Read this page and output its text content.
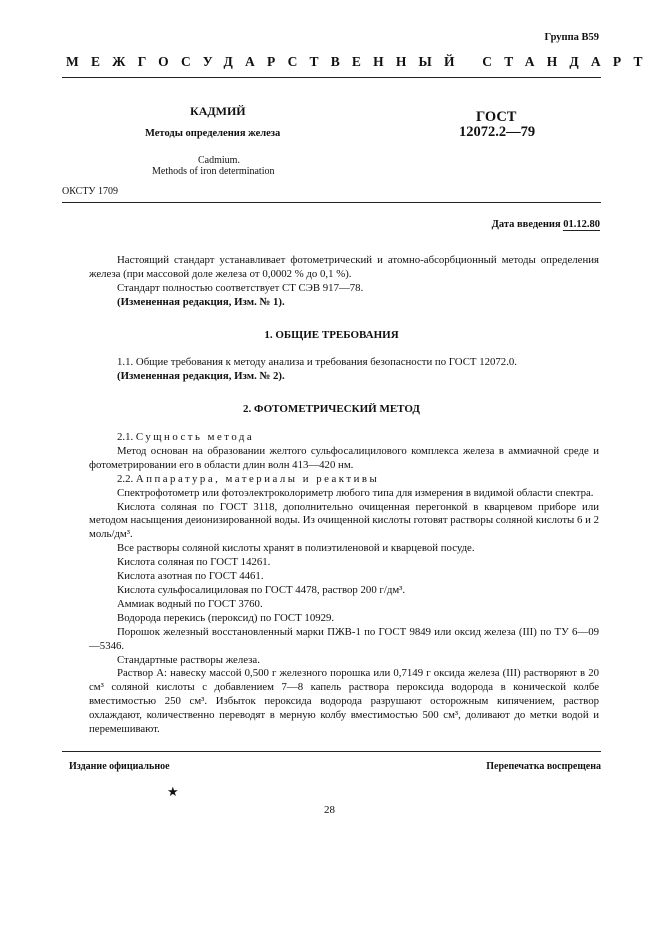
Группа В59
МЕЖГОСУДАРСТВЕННЫЙ СТАНДАРТ
КАДМИЙ
Методы определения железа
Cadmium.
Methods of iron determination
ГОСТ
12072.2—79
ОКСТУ 1709
Дата введения 01.12.80

Настоящий стандарт устанавливает фотометрический и атомно-абсорбционный методы определения железа (при массовой доле железа от 0,0002 % до 0,1 %).

Стандарт полностью соответствует СТ СЭВ 917—78.

(Измененная редакция, Изм. № 1).

1. ОБЩИЕ ТРЕБОВАНИЯ

1.1. Общие требования к методу анализа и требования безопасности по ГОСТ 12072.0.

(Измененная редакция, Изм. № 2).

2. ФОТОМЕТРИЧЕСКИЙ МЕТОД

2.1. Сущность метода

Метод основан на образовании желтого сульфосалицилового комплекса железа в аммиачной среде и фотометрировании его в области длин волн 413—420 нм.

2.2. Аппаратура, материалы и реактивы

Спектрофотометр или фотоэлектроколориметр любого типа для измерения в видимой области спектра.

Кислота соляная по ГОСТ 3118, дополнительно очищенная перегонкой в кварцевом приборе или методом насыщения деионизированной воды. Из очищенной кислоты готовят растворы соляной кислоты 6 и 2 моль/дм³.

Все растворы соляной кислоты хранят в полиэтиленовой и кварцевой посуде.

Кислота соляная по ГОСТ 14261.

Кислота азотная по ГОСТ 4461.

Кислота сульфосалициловая по ГОСТ 4478, раствор 200 г/дм³.

Аммиак водный по ГОСТ 3760.

Водорода перекись (пероксид) по ГОСТ 10929.

Порошок железный восстановленный марки ПЖВ-1 по ГОСТ 9849 или оксид железа (III) по ТУ 6—09—5346.

Стандартные растворы железа.

Раствор А: навеску массой 0,500 г железного порошка или 0,7149 г оксида железа (III) растворяют в 20 см³ соляной кислоты с добавлением 7—8 капель раствора пероксида водорода в конической колбе вместимостью 250 см³. Избыток пероксида водорода разрушают осторожным кипячением, раствор охлаждают, количественно переводят в мерную колбу вместимостью 500 см³, доливают до метки водой и перемешивают.

Издание официальное	Перепечатка воспрещена
★
28
